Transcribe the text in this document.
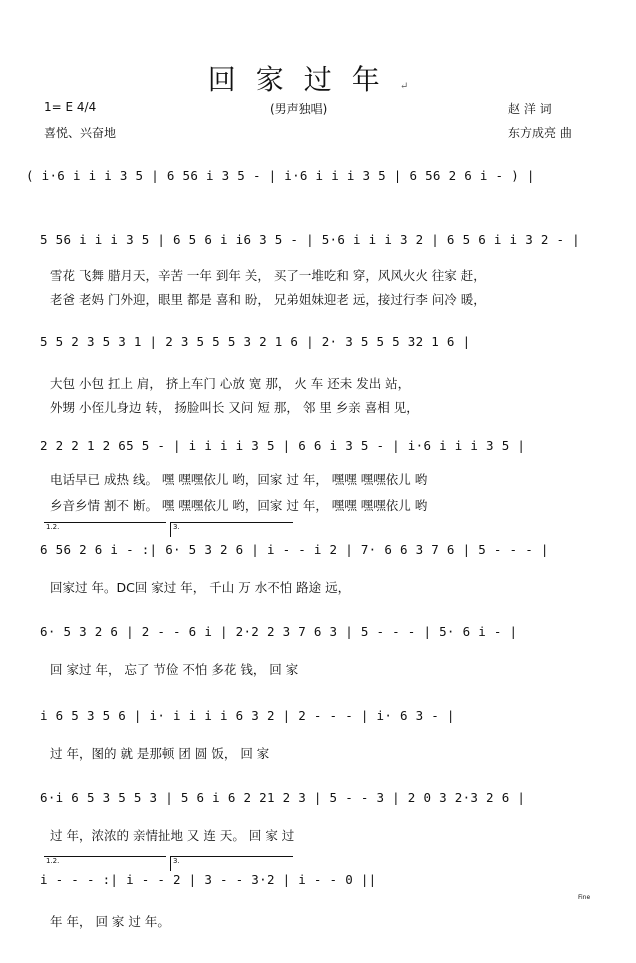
回家过年↵
1= E 4/4	(男声独唱)	赵 洋 词
喜悦、兴奋地	东方成亮 曲
( i·6 i i i 3 5 | 6 56 i 3 5 - | i·6 i i i 3 5 | 6 56 2 6 i - ) |
5 56 i i i 3 5 | 6 5 6 i i6 3 5 - | 5·6 i i i 3 2 | 6 5 6 i i 3 2 - |
雪花 飞舞 腊月天，辛苦 一年 到年 关， 买了一堆吃和 穿，风风火火 往家 赶，
老爸 老妈 门外迎，眼里 都是 喜和 盼， 兄弟姐妹迎老 远，接过行李 问冷 暖，
5 5 2 3 5 3 1 | 2 3 5 5 5 3 2 1 6 | 2· 3 5 5 5 32 1 6 |
大包 小包 扛上 肩， 挤上车门 心放 宽 那， 火 车 还未 发出 站，
外甥 小侄儿身边 转， 扬脸叫长 又问 短 那， 邻 里 乡亲 喜相 见，
2 2 2 1 2 65 5 - | i i i i 3 5 | 6 6 i 3 5 - | i·6 i i i 3 5 |
电话早已 成热 线。 嘿 嘿嘿依儿 哟，回家 过 年， 嘿嘿 嘿嘿依儿 哟
乡音乡情 割不 断。 嘿 嘿嘿依儿 哟，回家 过 年， 嘿嘿 嘿嘿依儿 哟
1.2.	3.
6 56 2 6 i - :| 6· 5 3 2 6 | i - - i 2 | 7· 6 6 3 7 6 | 5 - - - |
回家过 年。DC回 家过 年， 千山 万 水不怕 路途 远，
6· 5 3 2 6 | 2 - - 6 i | 2·2 2 3 7 6 3 | 5 - - - | 5· 6 i - |
回 家过 年， 忘了 节俭 不怕 多花 钱， 回 家
i 6 5 3 5 6 | i· i i i i 6 3 2 | 2 - - - | i· 6 3 - |
过 年，图的 就 是那顿 团 圆 饭， 回 家
6·i 6 5 3 5 5 3 | 5 6 i 6 2 21 2 3 | 5 - - 3 | 2 0 3 2·3 2 6 |
过 年，浓浓的 亲情扯地 又 连 天。 回 家 过
1.2.	3.
i - - - :| i - - 2 | 3 - - 3·2 | i - - 0 ||
Fine
年 年， 回 家 过 年。
